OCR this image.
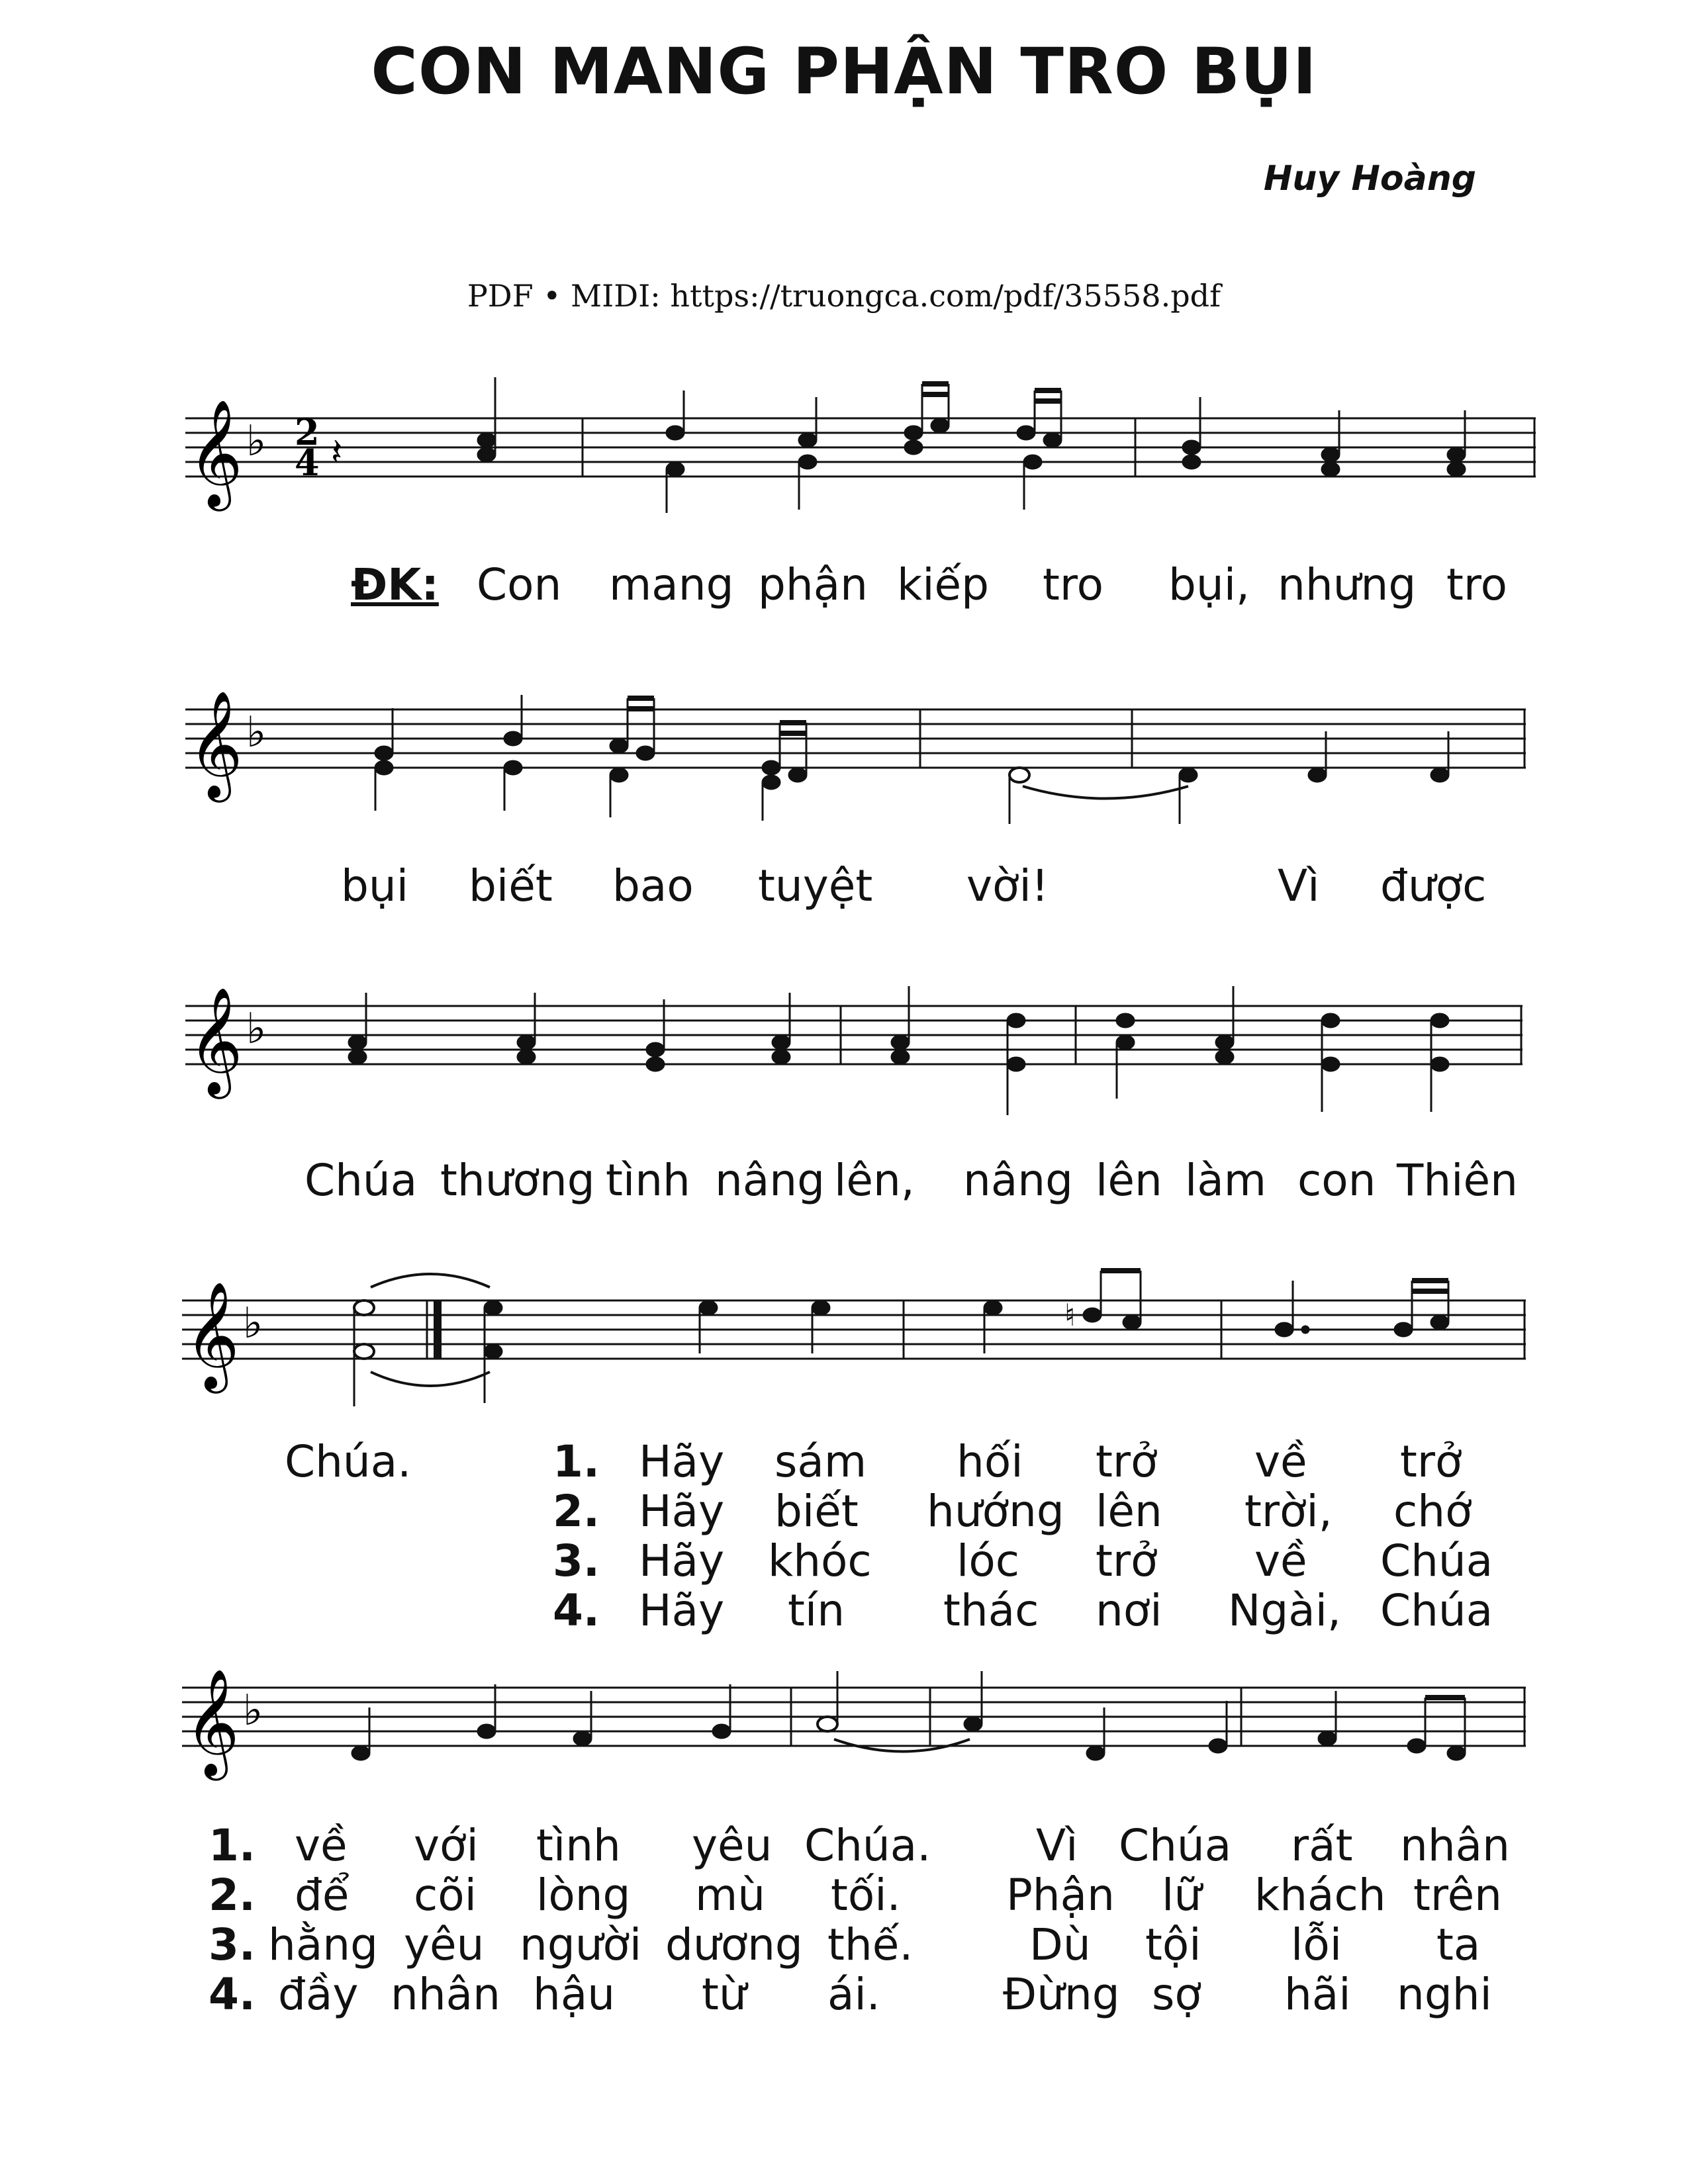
CON MANG PHẬN TRO BỤI
Huy Hoàng
PDF • MIDI: https://truongca.com/pdf/35558.pdf
𝄞 ♭ 2
4 𝄽
ĐK: Con mang phận kiếp tro bụi, nhưng tro
𝄞 ♭
bụi biết bao tuyệt vời!	Vì được
𝄞 ♭
Chúa thương tình nâng lên, nâng lên làm con Thiên
𝄞 ♭	♮
Chúa.	1. Hãy sám hối trở về trở
2. Hãy biết hướng lên trời, chớ
3. Hãy khóc lóc trở về Chúa
4. Hãy tín thác nơi Ngài, Chúa
𝄞 ♭
1. về với tình yêu Chúa. Vì Chúa rất nhân
2. để cõi lòng mù tối. Phận lữ khách trên
3. hằng yêu người dương thế.	Dù tội lỗi ta
4. đầy nhân hậu từ ái.	Đừng sợ hãi nghi
